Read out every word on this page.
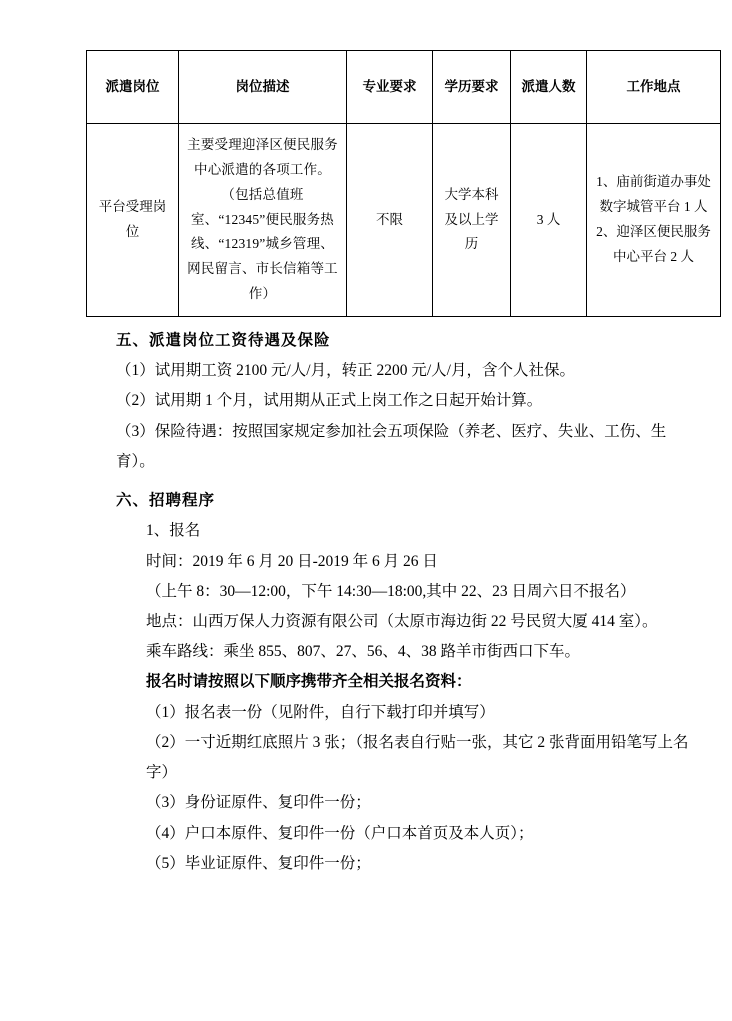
派遣岗位	岗位描述	专业要求	学历要求	派遣人数	工作地点
平台受理岗位	主要受理迎泽区便民服务中心派遣的各项工作。（包括总值班室、“12345”便民服务热线、“12319”城乡管理、网民留言、市长信箱等工作）	不限	大学本科及以上学历	3 人	1、庙前街道办事处
数字城管平台 1 人
2、迎泽区便民服务
中心平台 2 人

五、派遣岗位工资待遇及保险

（1）试用期工资 2100 元/人/月，转正 2200 元/人/月，含个人社保。

（2）试用期 1 个月，试用期从正式上岗工作之日起开始计算。

（3）保险待遇：按照国家规定参加社会五项保险（养老、医疗、失业、工伤、生育）。

六、招聘程序

1、报名

时间：2019 年 6 月 20 日-2019 年 6 月 26 日

（上午 8：30—12:00，下午 14:30—18:00,其中 22、23 日周六日不报名）

地点：山西万保人力资源有限公司（太原市海边街 22 号民贸大厦 414 室）。

乘车路线：乘坐 855、807、27、56、4、38 路羊市街西口下车。

报名时请按照以下顺序携带齐全相关报名资料：

（1）报名表一份（见附件，自行下载打印并填写）

（2）一寸近期红底照片 3 张；（报名表自行贴一张，其它 2 张背面用铅笔写上名字）

（3）身份证原件、复印件一份；

（4）户口本原件、复印件一份（户口本首页及本人页）；

（5）毕业证原件、复印件一份；
